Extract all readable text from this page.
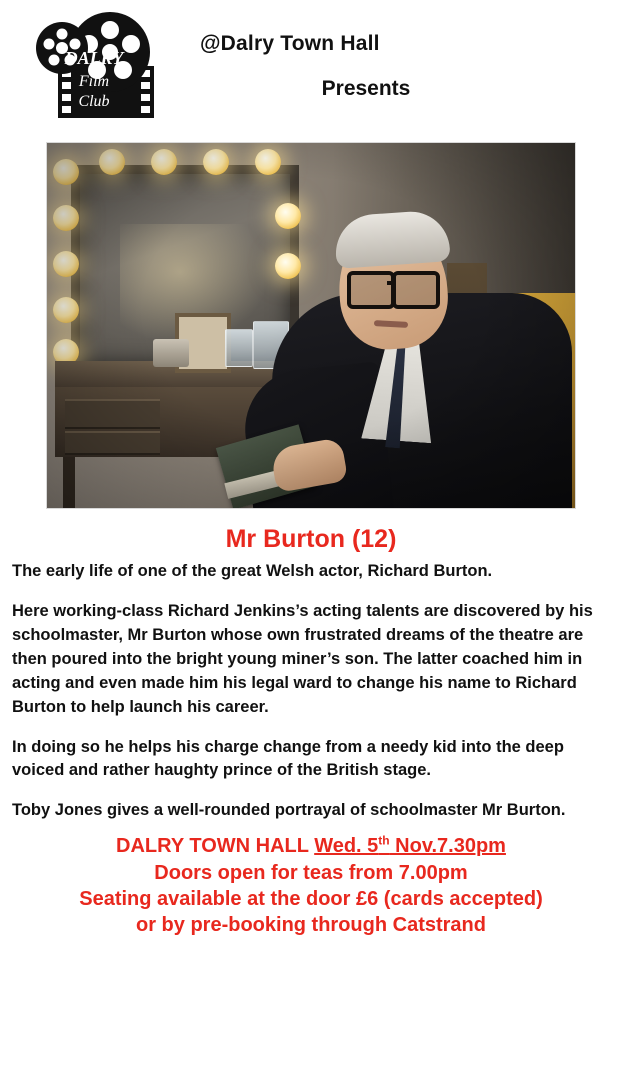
DALRY
Film
Club
@Dalry Town Hall
Presents
Mr Burton (12)

The early life of one of the great Welsh actor, Richard Burton.

Here working-class Richard Jenkins’s acting talents are discovered by his schoolmaster, Mr Burton whose own frustrated dreams of the theatre are then poured into the bright young miner’s son. The latter coached him in acting and even made him his legal ward to change his name to Richard Burton to help launch his career.

In doing so he helps his charge change from a needy kid into the deep voiced and rather haughty prince of the British stage.

Toby Jones gives a well-rounded portrayal of schoolmaster Mr Burton.

DALRY TOWN HALL Wed. 5th Nov.7.30pm
Doors open for teas from 7.00pm
Seating available at the door £6 (cards accepted)
or by pre-booking through Catstrand
